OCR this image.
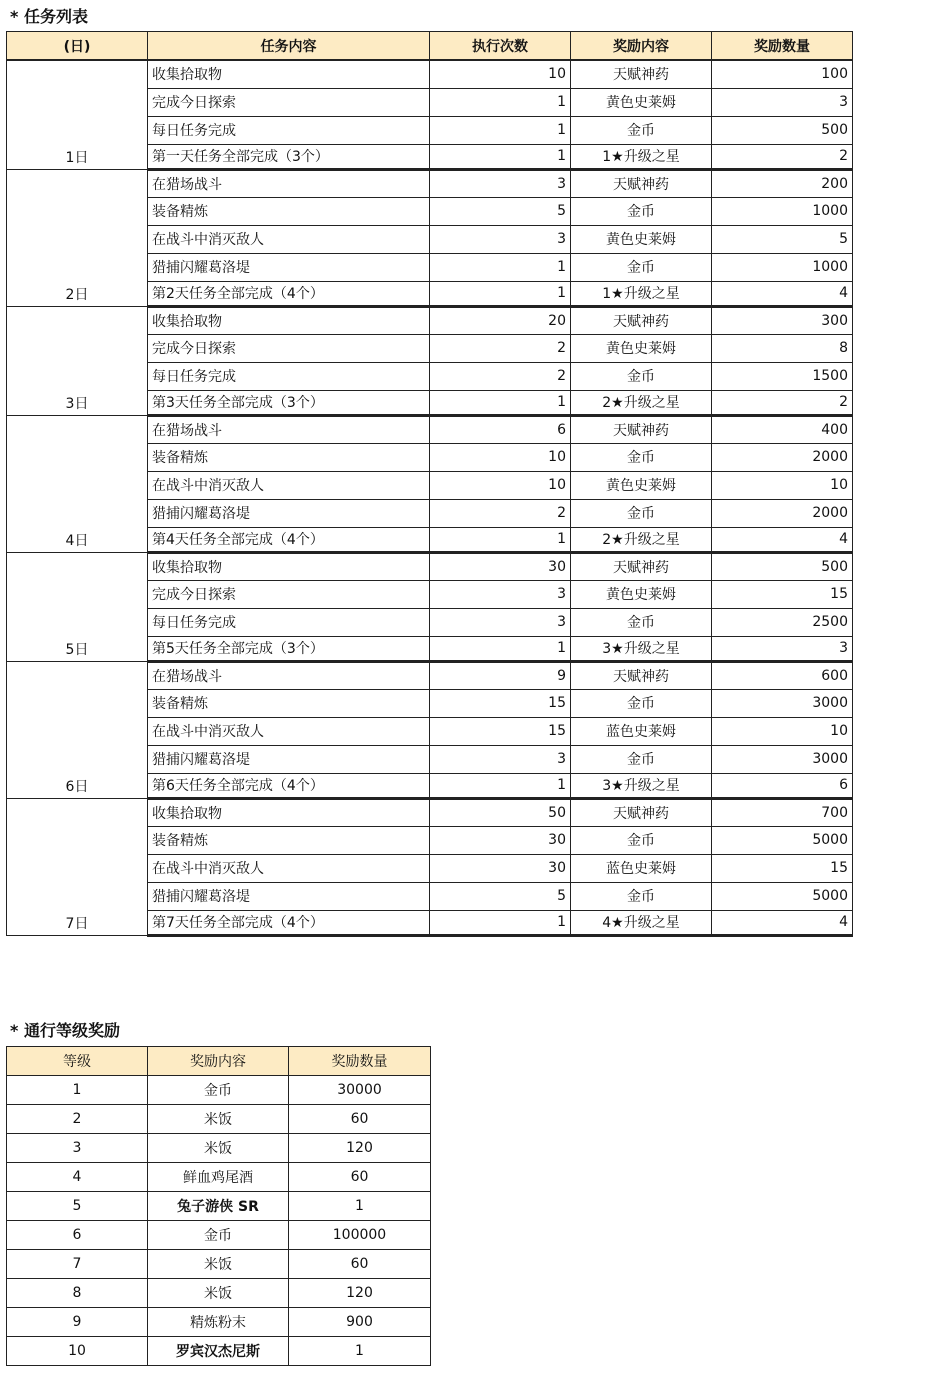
* 任务列表
(日)	任务内容	执行次数	奖励内容	奖励数量
1日	收集拾取物	10	天赋神药	100
	完成今日探索	1	黄色史莱姆	3
	每日任务完成	1	金币	500
	第一天任务全部完成（3个）	1	1★升级之星	2
2日	在猎场战斗	3	天赋神药	200
	装备精炼	5	金币	1000
	在战斗中消灭敌人	3	黄色史莱姆	5
	猎捕闪耀葛洛堤	1	金币	1000
	第2天任务全部完成（4个）	1	1★升级之星	4
3日	收集拾取物	20	天赋神药	300
	完成今日探索	2	黄色史莱姆	8
	每日任务完成	2	金币	1500
	第3天任务全部完成（3个）	1	2★升级之星	2
4日	在猎场战斗	6	天赋神药	400
	装备精炼	10	金币	2000
	在战斗中消灭敌人	10	黄色史莱姆	10
	猎捕闪耀葛洛堤	2	金币	2000
	第4天任务全部完成（4个）	1	2★升级之星	4
5日	收集拾取物	30	天赋神药	500
	完成今日探索	3	黄色史莱姆	15
	每日任务完成	3	金币	2500
	第5天任务全部完成（3个）	1	3★升级之星	3
6日	在猎场战斗	9	天赋神药	600
	装备精炼	15	金币	3000
	在战斗中消灭敌人	15	蓝色史莱姆	10
	猎捕闪耀葛洛堤	3	金币	3000
	第6天任务全部完成（4个）	1	3★升级之星	6
7日	收集拾取物	50	天赋神药	700
	装备精炼	30	金币	5000
	在战斗中消灭敌人	30	蓝色史莱姆	15
	猎捕闪耀葛洛堤	5	金币	5000
	第7天任务全部完成（4个）	1	4★升级之星	4
* 通行等级奖励
等级	奖励内容	奖励数量
1	金币	30000
2	米饭	60
3	米饭	120
4	鲜血鸡尾酒	60
5	兔子游侠 SR	1
6	金币	100000
7	米饭	60
8	米饭	120
9	精炼粉末	900
10	罗宾汉杰尼斯	1
